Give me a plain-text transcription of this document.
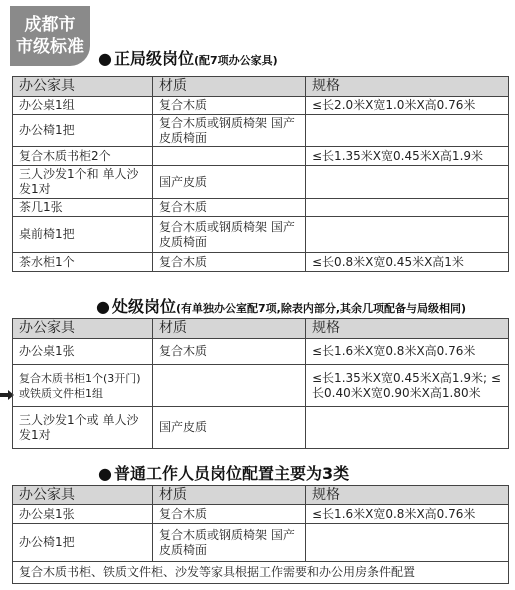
成都市
市级标准
● 正局级岗位(配7项办公家具)
办公家具	材质	规格
办公桌1组	复合木质	≤长2.0米X宽1.0米X高0.76米
办公椅1把	复合木质或钢质椅架 国产皮质椅面	
复合木质书柜2个		≤长1.35米X宽0.45米X高1.9米
三人沙发1个和 单人沙发1对	国产皮质	
茶几1张	复合木质	
桌前椅1把	复合木质或钢质椅架 国产皮质椅面	
茶水柜1个	复合木质	≤长0.8米X宽0.45米X高1米
● 处级岗位(有单独办公室配7项,除表内部分,其余几项配备与局级相同)
办公家具	材质	规格
办公桌1张	复合木质	≤长1.6米X宽0.8米X高0.76米
复合木质书柜1个(3开门) 或铁质文件柜1组		≤长1.35米X宽0.45米X高1.9米; ≤长0.40米X宽0.90米X高1.80米
三人沙发1个或 单人沙发1对	国产皮质	
● 普通工作人员岗位配置主要为3类
办公家具	材质	规格
办公桌1张	复合木质	≤长1.6米X宽0.8米X高0.76米
办公椅1把	复合木质或钢质椅架 国产皮质椅面	
复合木质书柜、铁质文件柜、沙发等家具根据工作需要和办公用房条件配置		
